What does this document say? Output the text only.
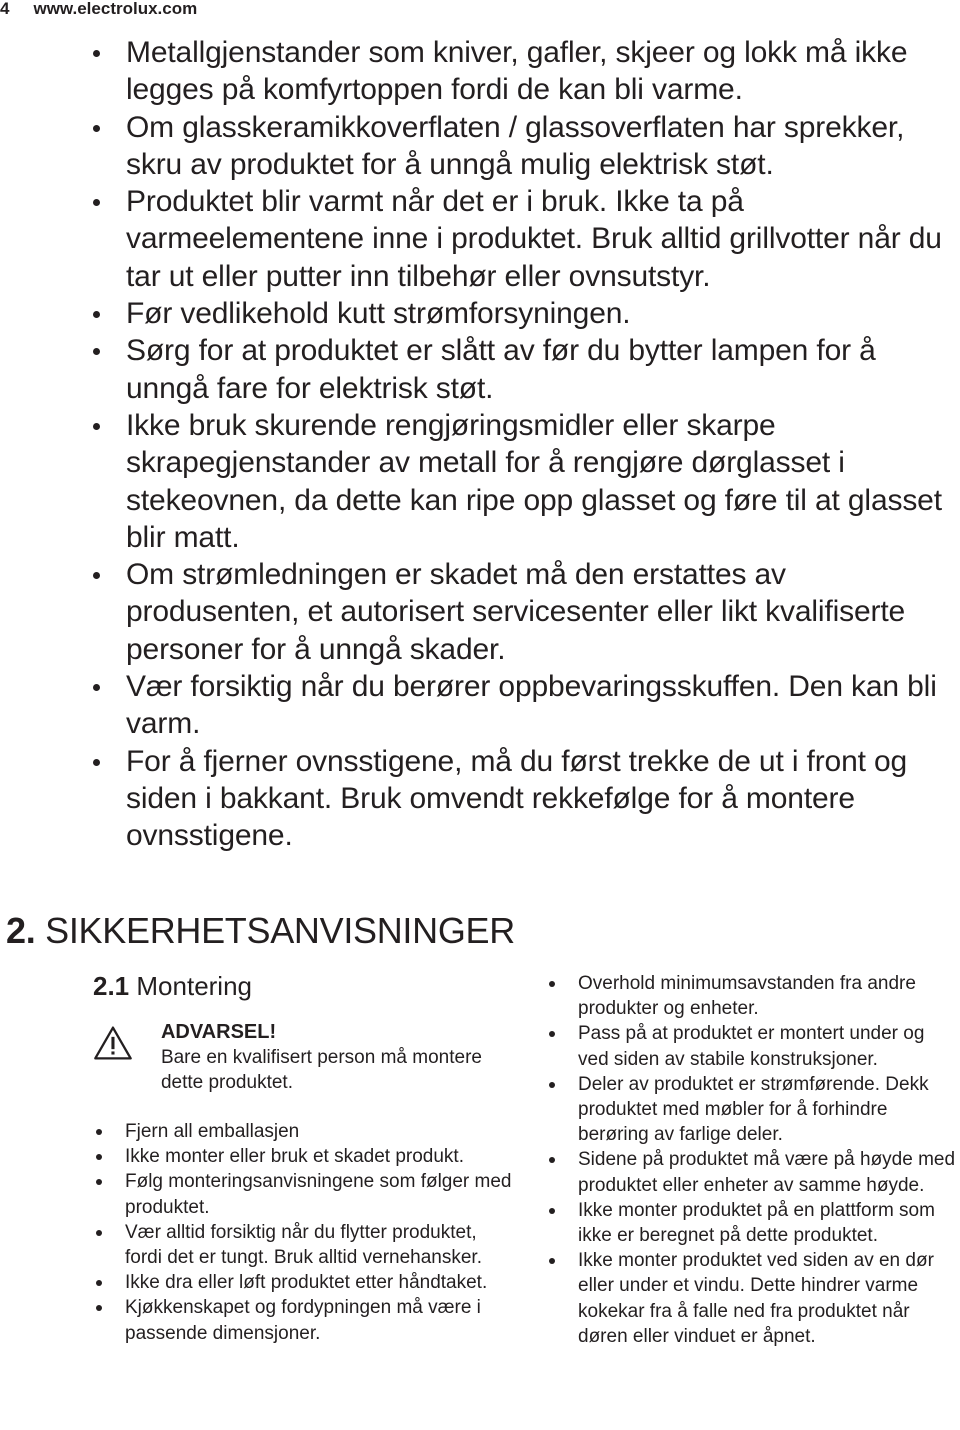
4 www.electrolux.com
Metallgjenstander som kniver, gafler, skjeer og lokk må ikke legges på komfyrtoppen fordi de kan bli varme.
Om glasskeramikkoverflaten / glassoverflaten har sprekker, skru av produktet for å unngå mulig elektrisk støt.
Produktet blir varmt når det er i bruk. Ikke ta på varmeelementene inne i produktet. Bruk alltid grillvotter når du tar ut eller putter inn tilbehør eller ovnsutstyr.
Før vedlikehold kutt strømforsyningen.
Sørg for at produktet er slått av før du bytter lampen for å unngå fare for elektrisk støt.
Ikke bruk skurende rengjøringsmidler eller skarpe skrapegjenstander av metall for å rengjøre dørglasset i stekeovnen, da dette kan ripe opp glasset og føre til at glasset blir matt.
Om strømledningen er skadet må den erstattes av produsenten, et autorisert servicesenter eller likt kvalifiserte personer for å unngå skader.
Vær forsiktig når du berører oppbevaringsskuffen. Den kan bli varm.
For å fjerner ovnsstigene, må du først trekke de ut i front og siden i bakkant. Bruk omvendt rekkefølge for å montere ovnsstigene.
2. SIKKERHETSANVISNINGER
2.1 Montering
ADVARSEL!
Bare en kvalifisert person må montere dette produktet.
Fjern all emballasjen
Ikke monter eller bruk et skadet produkt.
Følg monteringsanvisningene som følger med produktet.
Vær alltid forsiktig når du flytter produktet, fordi det er tungt. Bruk alltid vernehansker.
Ikke dra eller løft produktet etter håndtaket.
Kjøkkenskapet og fordypningen må være i passende dimensjoner.
Overhold minimumsavstanden fra andre produkter og enheter.
Pass på at produktet er montert under og ved siden av stabile konstruksjoner.
Deler av produktet er strømførende. Dekk produktet med møbler for å forhindre berøring av farlige deler.
Sidene på produktet må være på høyde med produktet eller enheter av samme høyde.
Ikke monter produktet på en plattform som ikke er beregnet på dette produktet.
Ikke monter produktet ved siden av en dør eller under et vindu. Dette hindrer varme kokekar fra å falle ned fra produktet når døren eller vinduet er åpnet.
